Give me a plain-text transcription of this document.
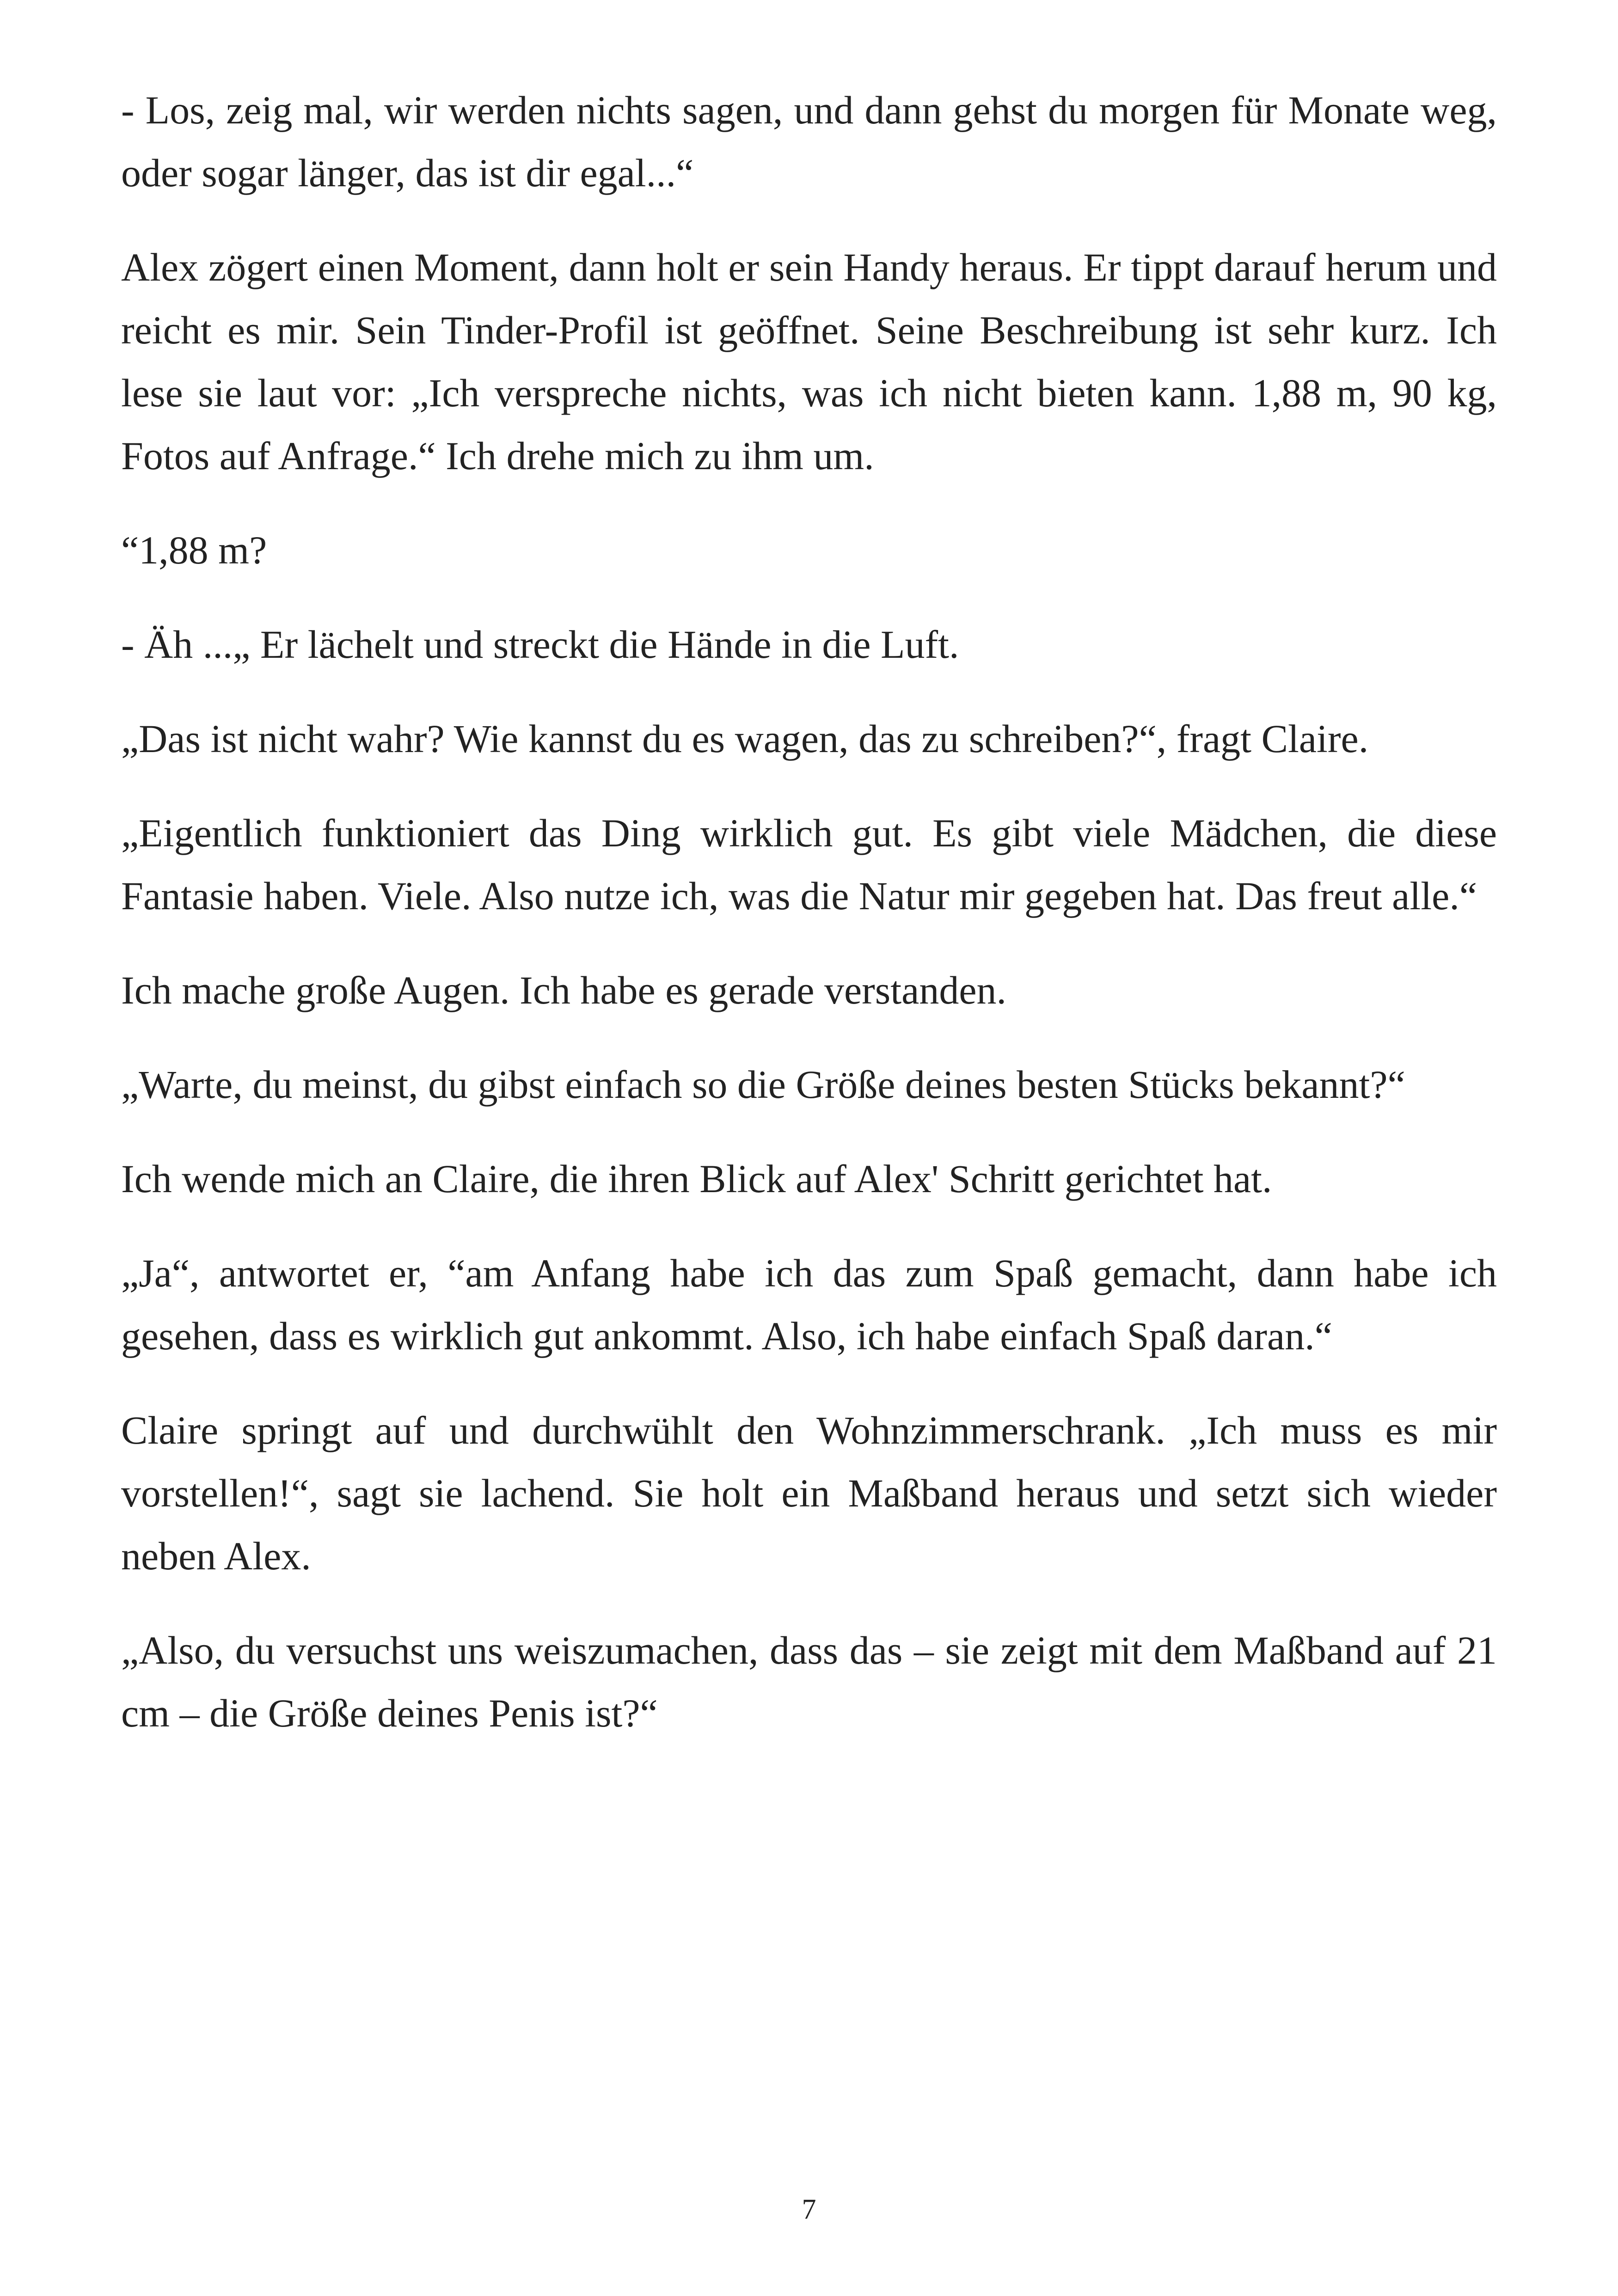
- Los, zeig mal, wir werden nichts sagen, und dann gehst du morgen für Monate weg, oder sogar länger, das ist dir egal...“

Alex zögert einen Moment, dann holt er sein Handy heraus. Er tippt darauf herum und reicht es mir. Sein Tinder-Profil ist geöffnet. Seine Beschreibung ist sehr kurz. Ich lese sie laut vor: „Ich verspreche nichts, was ich nicht bieten kann. 1,88 m, 90 kg, Fotos auf Anfrage.“ Ich drehe mich zu ihm um.

“1,88 m?

- Äh ...„ Er lächelt und streckt die Hände in die Luft.

„Das ist nicht wahr? Wie kannst du es wagen, das zu schreiben?“, fragt Claire.

„Eigentlich funktioniert das Ding wirklich gut. Es gibt viele Mädchen, die diese Fantasie haben. Viele. Also nutze ich, was die Natur mir gegeben hat. Das freut alle.“

Ich mache große Augen. Ich habe es gerade verstanden.

„Warte, du meinst, du gibst einfach so die Größe deines besten Stücks bekannt?“

Ich wende mich an Claire, die ihren Blick auf Alex' Schritt gerichtet hat.

„Ja“, antwortet er, “am Anfang habe ich das zum Spaß gemacht, dann habe ich gesehen, dass es wirklich gut ankommt. Also, ich habe einfach Spaß daran.“

Claire springt auf und durchwühlt den Wohnzimmerschrank. „Ich muss es mir vorstellen!“, sagt sie lachend. Sie holt ein Maßband heraus und setzt sich wieder neben Alex.

„Also, du versuchst uns weiszumachen, dass das – sie zeigt mit dem Maßband auf 21 cm – die Größe deines Penis ist?“

7
